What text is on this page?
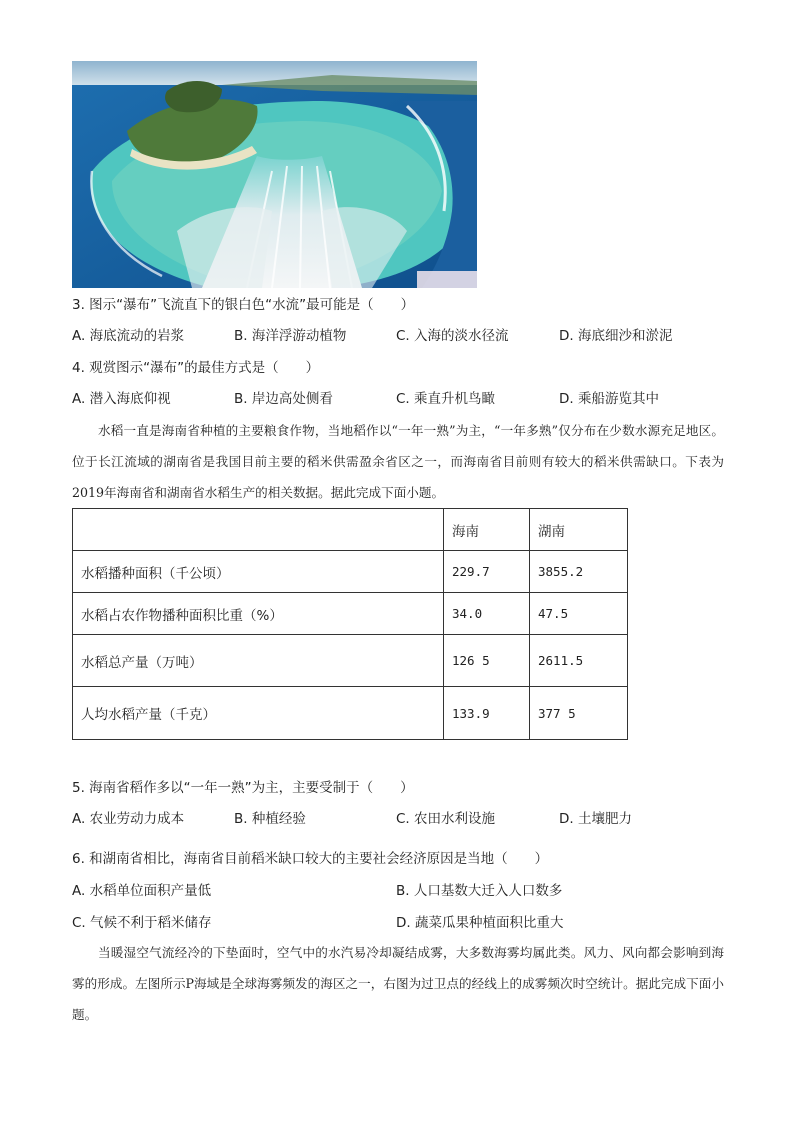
3. 图示“瀑布”飞流直下的银白色“水流”最可能是（　　）
A. 海底流动的岩浆	B. 海洋浮游动植物	C. 入海的淡水径流	D. 海底细沙和淤泥
4. 观赏图示“瀑布”的最佳方式是（　　）
A. 潜入海底仰视	B. 岸边高处侧看	C. 乘直升机鸟瞰	D. 乘船游览其中
水稻一直是海南省种植的主要粮食作物，当地稻作以“一年一熟”为主，“一年多熟”仅分布在少数水源充足地区。位于长江流域的湖南省是我国目前主要的稻米供需盈余省区之一，而海南省目前则有较大的稻米供需缺口。下表为2019年海南省和湖南省水稻生产的相关数据。据此完成下面小题。
	海南	湖南
水稻播种面积（千公顷）	229.7	3855.2
水稻占农作物播种面积比重（%）	34.0	47.5
水稻总产量（万吨）	126 5	2611.5
人均水稻产量（千克）	133.9	377 5
5. 海南省稻作多以“一年一熟”为主，主要受制于（　　）
A. 农业劳动力成本	B. 种植经验	C. 农田水利设施	D. 土壤肥力
6. 和湖南省相比，海南省目前稻米缺口较大的主要社会经济原因是当地（　　）
A. 水稻单位面积产量低	B. 人口基数大迁入人口数多
C. 气候不利于稻米储存	D. 蔬菜瓜果种植面积比重大
当暖湿空气流经冷的下垫面时，空气中的水汽易冷却凝结成雾，大多数海雾均属此类。风力、风向都会影响到海雾的形成。左图所示P海域是全球海雾频发的海区之一，右图为过卫点的经线上的成雾频次时空统计。据此完成下面小题。
